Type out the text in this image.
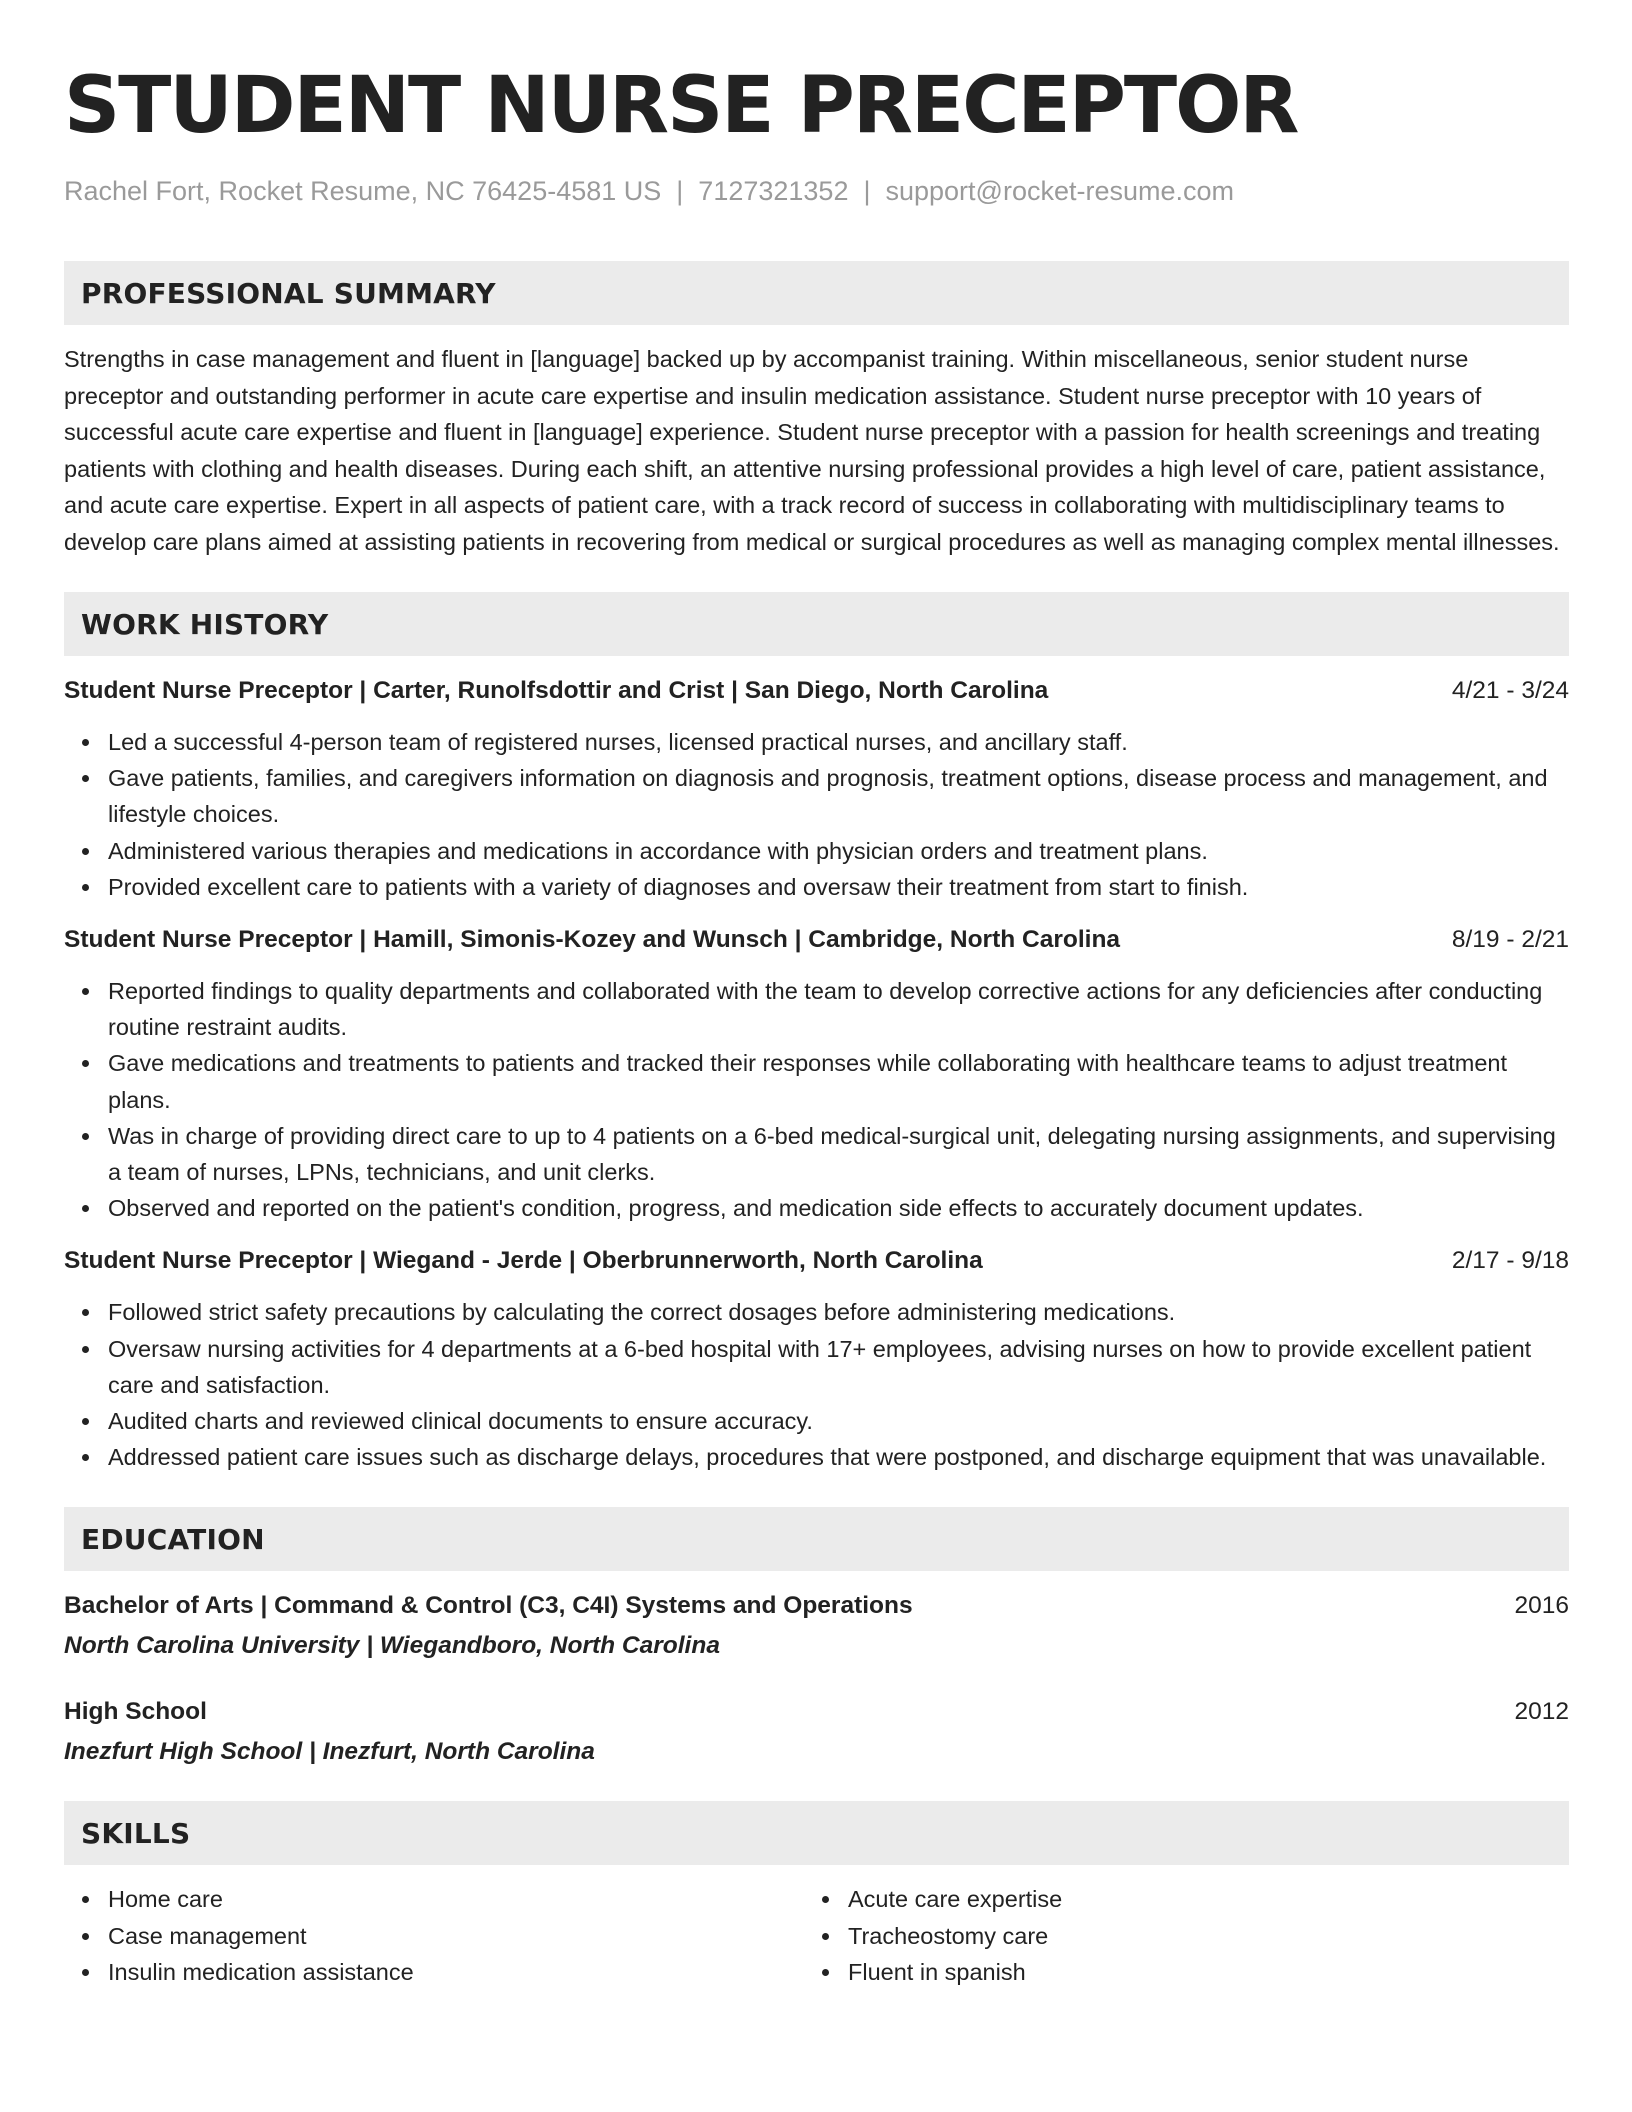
STUDENT NURSE PRECEPTOR
Rachel Fort, Rocket Resume, NC 76425-4581 US | 7127321352 | support@rocket-resume.com
PROFESSIONAL SUMMARY
Strengths in case management and fluent in [language] backed up by accompanist training. Within miscellaneous, senior student nurse preceptor and outstanding performer in acute care expertise and insulin medication assistance. Student nurse preceptor with 10 years of successful acute care expertise and fluent in [language] experience. Student nurse preceptor with a passion for health screenings and treating patients with clothing and health diseases. During each shift, an attentive nursing professional provides a high level of care, patient assistance, and acute care expertise. Expert in all aspects of patient care, with a track record of success in collaborating with multidisciplinary teams to develop care plans aimed at assisting patients in recovering from medical or surgical procedures as well as managing complex mental illnesses.
WORK HISTORY
Student Nurse Preceptor | Carter, Runolfsdottir and Crist | San Diego, North Carolina	4/21 - 3/24
Led a successful 4-person team of registered nurses, licensed practical nurses, and ancillary staff.
Gave patients, families, and caregivers information on diagnosis and prognosis, treatment options, disease process and management, and lifestyle choices.
Administered various therapies and medications in accordance with physician orders and treatment plans.
Provided excellent care to patients with a variety of diagnoses and oversaw their treatment from start to finish.
Student Nurse Preceptor | Hamill, Simonis-Kozey and Wunsch | Cambridge, North Carolina	8/19 - 2/21
Reported findings to quality departments and collaborated with the team to develop corrective actions for any deficiencies after conducting routine restraint audits.
Gave medications and treatments to patients and tracked their responses while collaborating with healthcare teams to adjust treatment plans.
Was in charge of providing direct care to up to 4 patients on a 6-bed medical-surgical unit, delegating nursing assignments, and supervising a team of nurses, LPNs, technicians, and unit clerks.
Observed and reported on the patient's condition, progress, and medication side effects to accurately document updates.
Student Nurse Preceptor | Wiegand - Jerde | Oberbrunnerworth, North Carolina	2/17 - 9/18
Followed strict safety precautions by calculating the correct dosages before administering medications.
Oversaw nursing activities for 4 departments at a 6-bed hospital with 17+ employees, advising nurses on how to provide excellent patient care and satisfaction.
Audited charts and reviewed clinical documents to ensure accuracy.
Addressed patient care issues such as discharge delays, procedures that were postponed, and discharge equipment that was unavailable.
EDUCATION
Bachelor of Arts | Command & Control (C3, C4I) Systems and Operations	2016
North Carolina University | Wiegandboro, North Carolina
High School	2012
Inezfurt High School | Inezfurt, North Carolina
SKILLS
Home care
Case management
Insulin medication assistance
Acute care expertise
Tracheostomy care
Fluent in spanish
